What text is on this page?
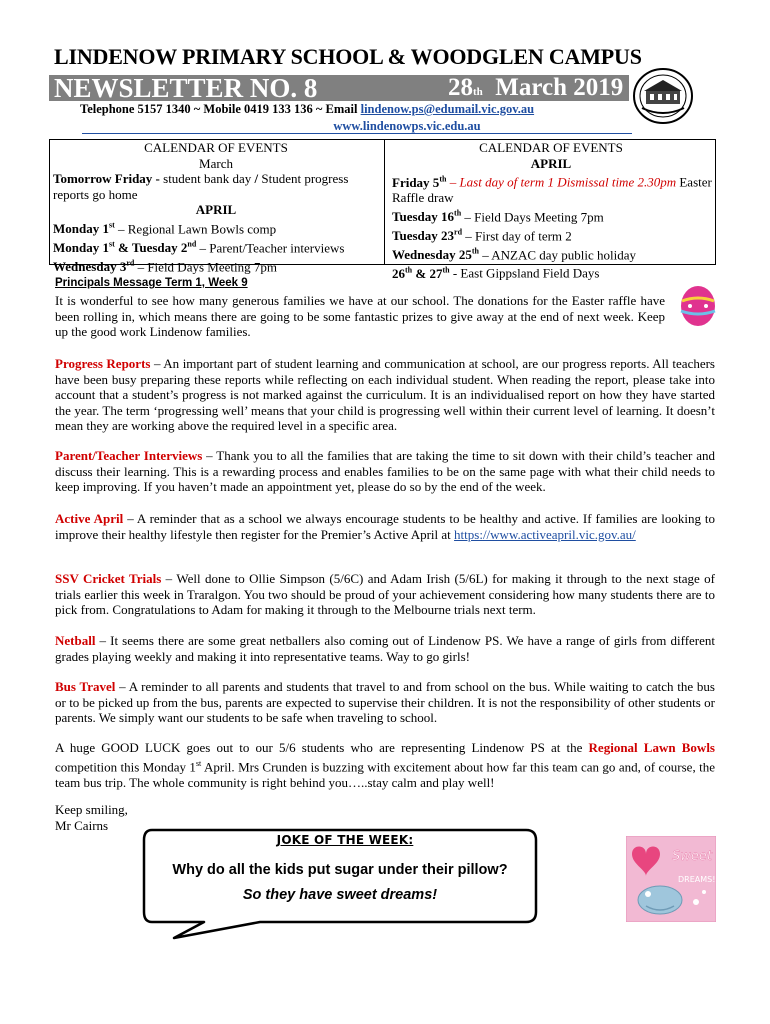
LINDENOW PRIMARY SCHOOL & WOODGLEN CAMPUS
NEWSLETTER NO. 8	28th March 2019
Telephone 5157 1340 ~ Mobile 0419 133 136 ~ Email lindenow.ps@edumail.vic.gov.au
www.lindenowps.vic.edu.au
CALENDAR OF EVENTS
March
Tomorrow Friday - student bank day / Student progress reports go home
APRIL
Monday 1st – Regional Lawn Bowls comp
Monday 1st & Tuesday 2nd – Parent/Teacher interviews
Wednesday 3rd – Field Days Meeting 7pm
CALENDAR OF EVENTS
APRIL
Friday 5th – Last day of term 1 Dismissal time 2.30pm Easter Raffle draw
Tuesday 16th – Field Days Meeting 7pm
Tuesday 23rd – First day of term 2
Wednesday 25th – ANZAC day public holiday
26th & 27th - East Gippsland Field Days
Principals Message Term 1, Week 9
It is wonderful to see how many generous families we have at our school. The donations for the Easter raffle have been rolling in, which means there are going to be some fantastic prizes to give away at the end of next week. Keep up the good work Lindenow families.
Progress Reports – An important part of student learning and communication at school, are our progress reports. All teachers have been busy preparing these reports while reflecting on each individual student. When reading the report, please take into account that a student’s progress is not marked against the curriculum. It is an individualised report on how they have started the year. The term ‘progressing well’ means that your child is progressing well within their current level of learning. It doesn’t mean they are working above the required level in a specific area.
Parent/Teacher Interviews – Thank you to all the families that are taking the time to sit down with their child’s teacher and discuss their learning. This is a rewarding process and enables families to be on the same page with what their child needs to keep improving. If you haven’t made an appointment yet, please do so by the end of the week.
Active April – A reminder that as a school we always encourage students to be healthy and active. If families are looking to improve their healthy lifestyle then register for the Premier’s Active April at https://www.activeapril.vic.gov.au/
SSV Cricket Trials – Well done to Ollie Simpson (5/6C) and Adam Irish (5/6L) for making it through to the next stage of trials earlier this week in Traralgon. You two should be proud of your achievement considering how many students there are to pick from. Congratulations to Adam for making it through to the Melbourne trials next term.
Netball – It seems there are some great netballers also coming out of Lindenow PS. We have a range of girls from different grades playing weekly and making it into representative teams. Way to go girls!
Bus Travel – A reminder to all parents and students that travel to and from school on the bus. While waiting to catch the bus or to be picked up from the bus, parents are expected to supervise their children. It is not the responsibility of other students or parents. We simply want our students to be safe when traveling to school.
A huge GOOD LUCK goes out to our 5/6 students who are representing Lindenow PS at the Regional Lawn Bowls competition this Monday 1st April. Mrs Crunden is buzzing with excitement about how far this team can go and, of course, the team bus trip. The whole community is right behind you…..stay calm and play well!
Keep smiling,
Mr Cairns
JOKE OF THE WEEK:
Why do all the kids put sugar under their pillow?
So they have sweet dreams!
Sweet
DREAMS!
